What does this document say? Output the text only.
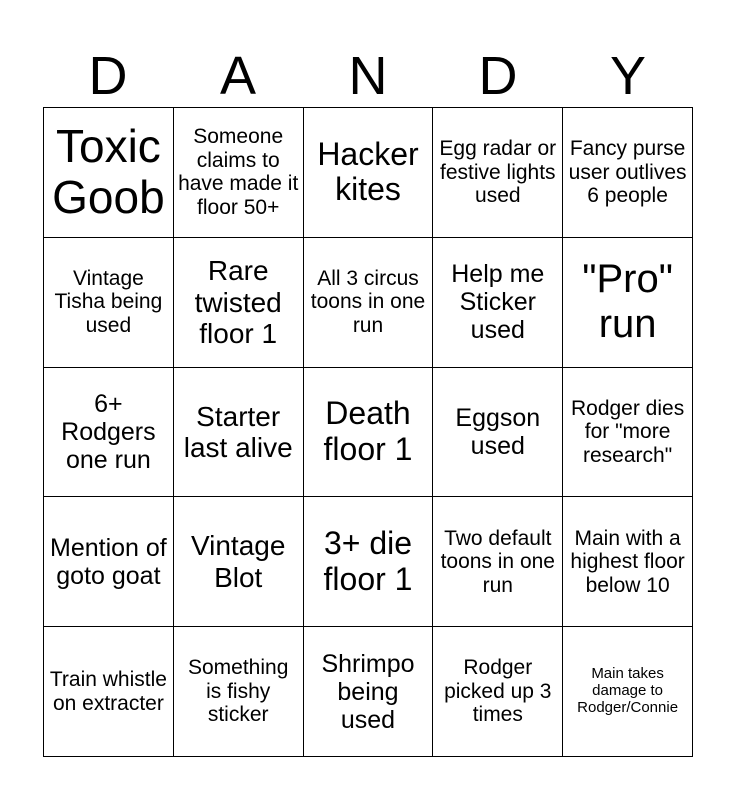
D	A	N	D	Y
Toxic Goob	Someone claims to have made it floor 50+	Hacker kites	Egg radar or festive lights used	Fancy purse user outlives 6 people
Vintage Tisha being used	Rare twisted floor 1	All 3 circus toons in one run	Help me Sticker used	"Pro" run
6+ Rodgers one run	Starter last alive	Death floor 1	Eggson used	Rodger dies for "more research"
Mention of goto goat	Vintage Blot	3+ die floor 1	Two default toons in one run	Main with a highest floor below 10
Train whistle on extracter	Something is fishy sticker	Shrimpo being used	Rodger picked up 3 times	Main takes damage to Rodger/Connie
